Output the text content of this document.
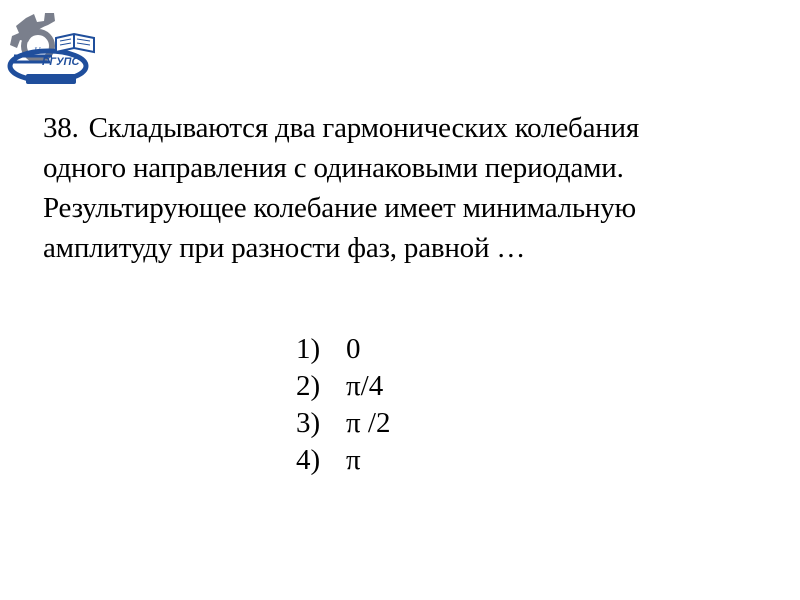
U
РГУПС
38. Складываются два гармонических колебания
одного направления с одинаковыми периодами.
Результирующее колебание имеет минимальную
амплитуду при разности фаз, равной …
1) 0
2) π/4
3) π /2
4) π
